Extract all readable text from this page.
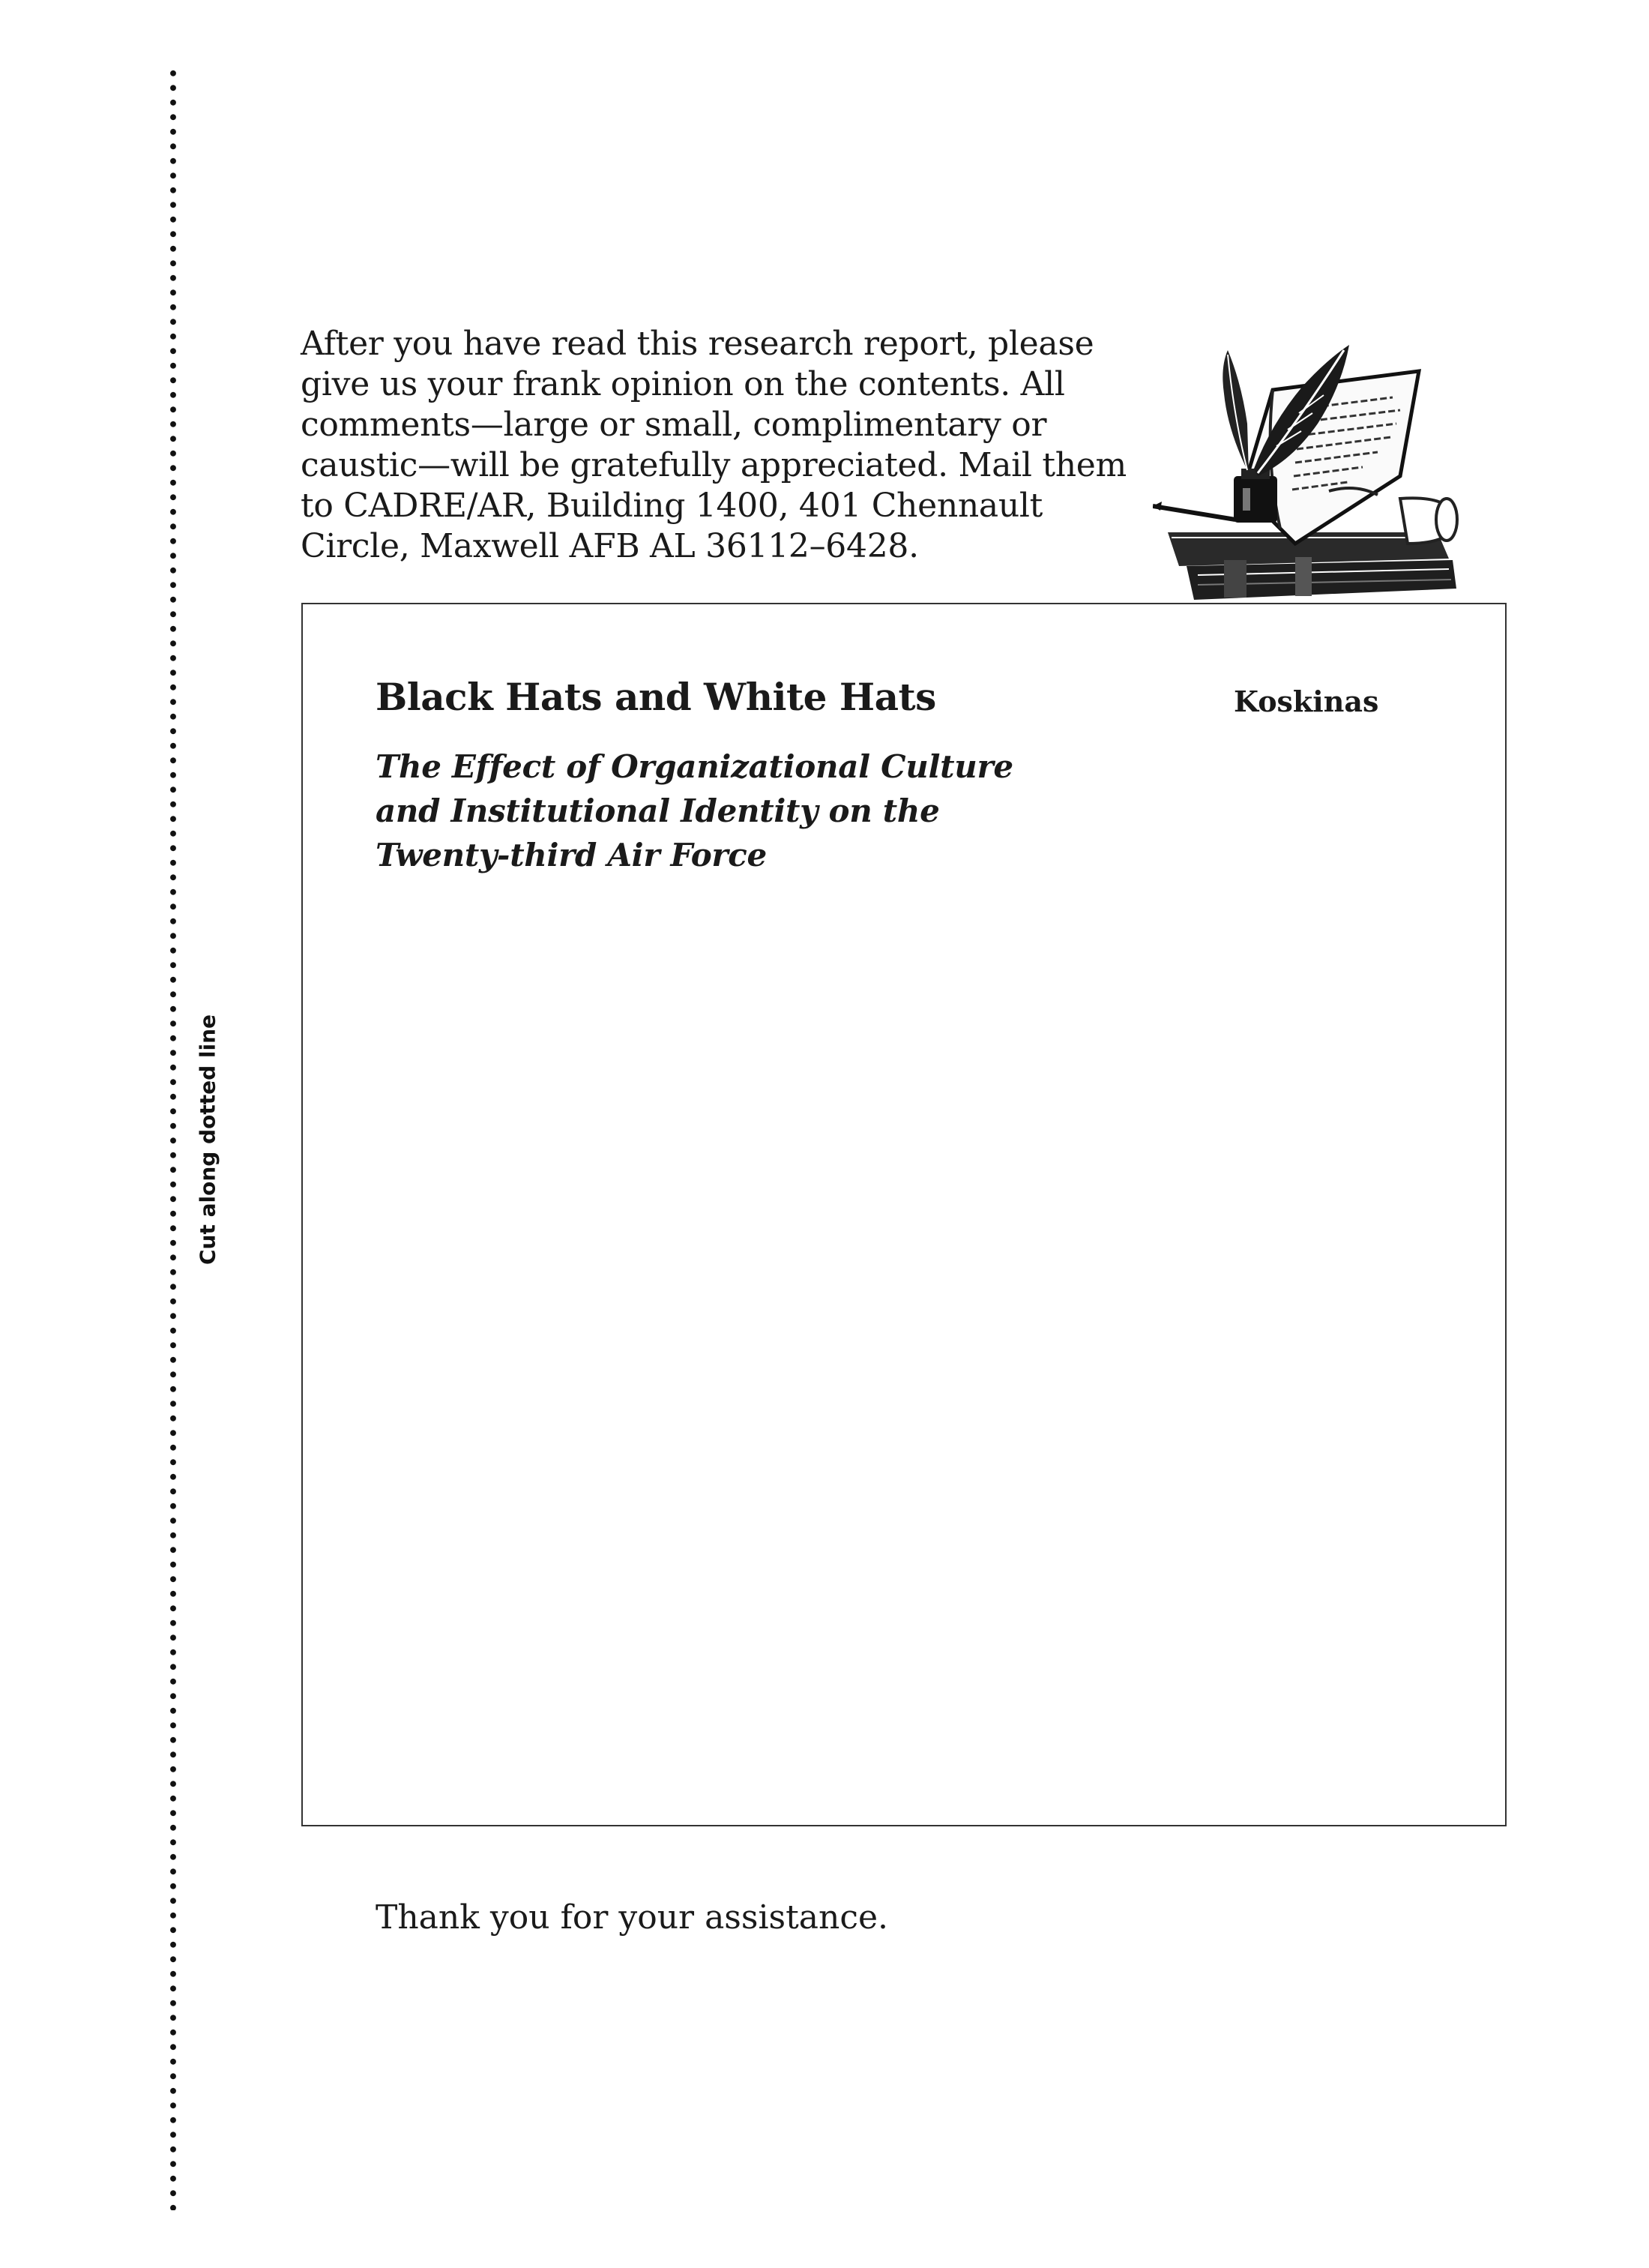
Cut along dotted line
After you have read this research report, please
give us your frank opinion on the contents. All
comments—large or small, complimentary or
caustic—will be gratefully appreciated. Mail them
to CADRE/AR, Building 1400, 401 Chennault
Circle, Maxwell AFB AL 36112–6428.
Black Hats and White Hats	Koskinas
The Effect of Organizational Culture
and Institutional Identity on the
Twenty-third Air Force
Thank you for your assistance.
